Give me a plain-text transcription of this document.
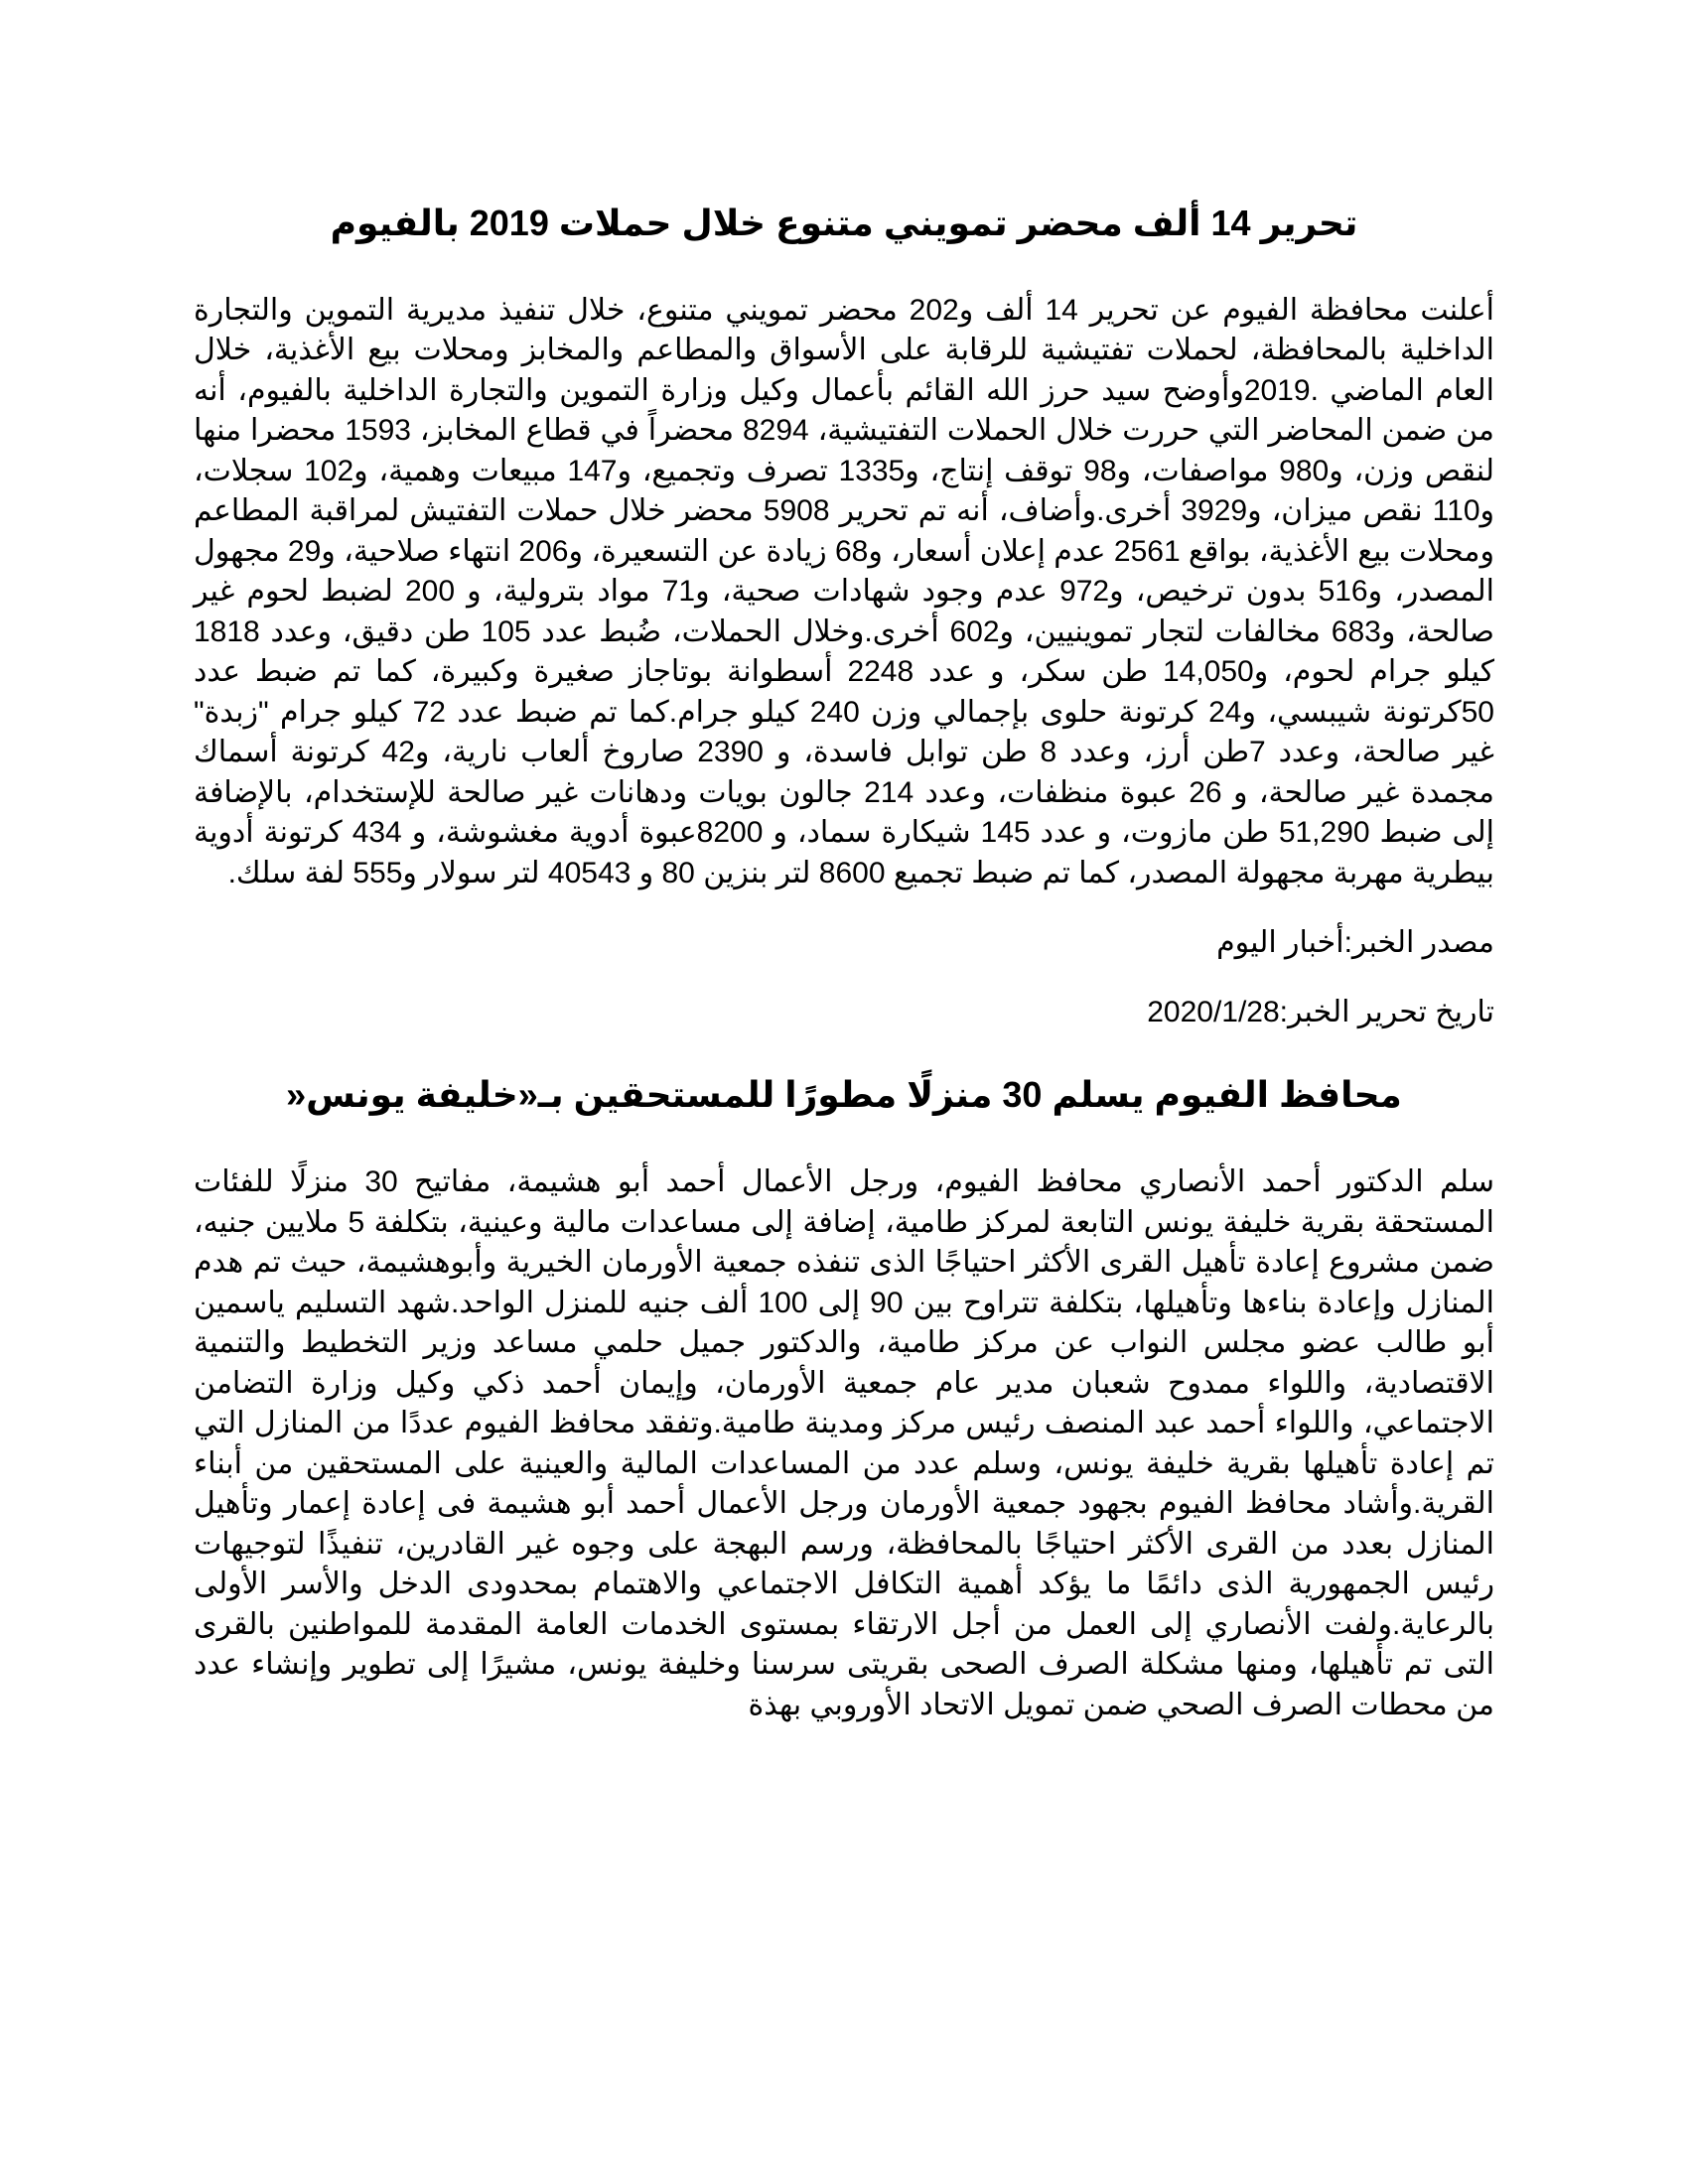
تحرير 14 ألف محضر تمويني متنوع خلال حملات 2019 بالفيوم

أعلنت محافظة الفيوم عن تحرير 14 ألف و202 محضر تمويني متنوع، خلال تنفيذ مديرية التموين والتجارة الداخلية بالمحافظة، لحملات تفتيشية للرقابة على الأسواق والمطاعم والمخابز ومحلات بيع الأغذية، خلال العام الماضي .2019وأوضح سيد حرز الله القائم بأعمال وكيل وزارة التموين والتجارة الداخلية بالفيوم، أنه من ضمن المحاضر التي حررت خلال الحملات التفتيشية، 8294 محضراً في قطاع المخابز، 1593 محضرا منها لنقص وزن، و980 مواصفات، و98 توقف إنتاج، و1335 تصرف وتجميع، و147 مبيعات وهمية، و102 سجلات، و110 نقص ميزان، و3929 أخرى.وأضاف، أنه تم تحرير 5908 محضر خلال حملات التفتيش لمراقبة المطاعم ومحلات بيع الأغذية، بواقع 2561 عدم إعلان أسعار، و68 زيادة عن التسعيرة، و206 انتهاء صلاحية، و29 مجهول المصدر، و516 بدون ترخيص، و972 عدم وجود شهادات صحية، و71 مواد بترولية، و 200 لضبط لحوم غير صالحة، و683 مخالفات لتجار تموينيين، و602 أخرى.وخلال الحملات، ضُبط عدد 105 طن دقيق، وعدد 1818 كيلو جرام لحوم، و14,050 طن سكر، و عدد 2248 أسطوانة بوتاجاز صغيرة وكبيرة، كما تم ضبط عدد 50كرتونة شيبسي، و24 كرتونة حلوى بإجمالي وزن 240 كيلو جرام.كما تم ضبط عدد 72 كيلو جرام "زبدة" غير صالحة، وعدد 7طن أرز، وعدد 8 طن توابل فاسدة، و 2390 صاروخ ألعاب نارية، و42 كرتونة أسماك مجمدة غير صالحة، و 26 عبوة منظفات، وعدد 214 جالون بويات ودهانات غير صالحة للإستخدام، بالإضافة إلى ضبط 51,290 طن مازوت، و عدد 145 شيكارة سماد، و 8200عبوة أدوية مغشوشة، و 434 كرتونة أدوية بيطرية مهربة مجهولة المصدر، كما تم ضبط تجميع 8600 لتر بنزين 80 و 40543 لتر سولار و555 لفة سلك.

مصدر الخبر:أخبار اليوم

تاريخ تحرير الخبر:2020/1/28

محافظ الفيوم يسلم 30 منزلًا مطورًا للمستحقين بـ«خليفة يونس«

سلم الدكتور أحمد الأنصاري محافظ الفيوم، ورجل الأعمال أحمد أبو هشيمة، مفاتيح 30 منزلًا للفئات المستحقة بقرية خليفة يونس التابعة لمركز طامية، إضافة إلى مساعدات مالية وعينية، بتكلفة 5 ملايين جنيه، ضمن مشروع إعادة تأهيل القرى الأكثر احتياجًا الذى تنفذه جمعية الأورمان الخيرية وأبوهشيمة، حيث تم هدم المنازل وإعادة بناءها وتأهيلها، بتكلفة تتراوح بين 90 إلى 100 ألف جنيه للمنزل الواحد.شهد التسليم ياسمين أبو طالب عضو مجلس النواب عن مركز طامية، والدكتور جميل حلمي مساعد وزير التخطيط والتنمية الاقتصادية، واللواء ممدوح شعبان مدير عام جمعية الأورمان، وإيمان أحمد ذكي وكيل وزارة التضامن الاجتماعي، واللواء أحمد عبد المنصف رئيس مركز ومدينة طامية.وتفقد محافظ الفيوم عددًا من المنازل التي تم إعادة تأهيلها بقرية خليفة يونس، وسلم عدد من المساعدات المالية والعينية على المستحقين من أبناء القرية.وأشاد محافظ الفيوم بجهود جمعية الأورمان ورجل الأعمال أحمد أبو هشيمة فى إعادة إعمار وتأهيل المنازل بعدد من القرى الأكثر احتياجًا بالمحافظة، ورسم البهجة على وجوه غير القادرين، تنفيذًا لتوجيهات رئيس الجمهورية الذى دائمًا ما يؤكد أهمية التكافل الاجتماعي والاهتمام بمحدودى الدخل والأسر الأولى بالرعاية.ولفت الأنصاري إلى العمل من أجل الارتقاء بمستوى الخدمات العامة المقدمة للمواطنين بالقرى التى تم تأهيلها، ومنها مشكلة الصرف الصحى بقريتى سرسنا وخليفة يونس، مشيرًا إلى تطوير وإنشاء عدد من محطات الصرف الصحي ضمن تمويل الاتحاد الأوروبي بهذة
